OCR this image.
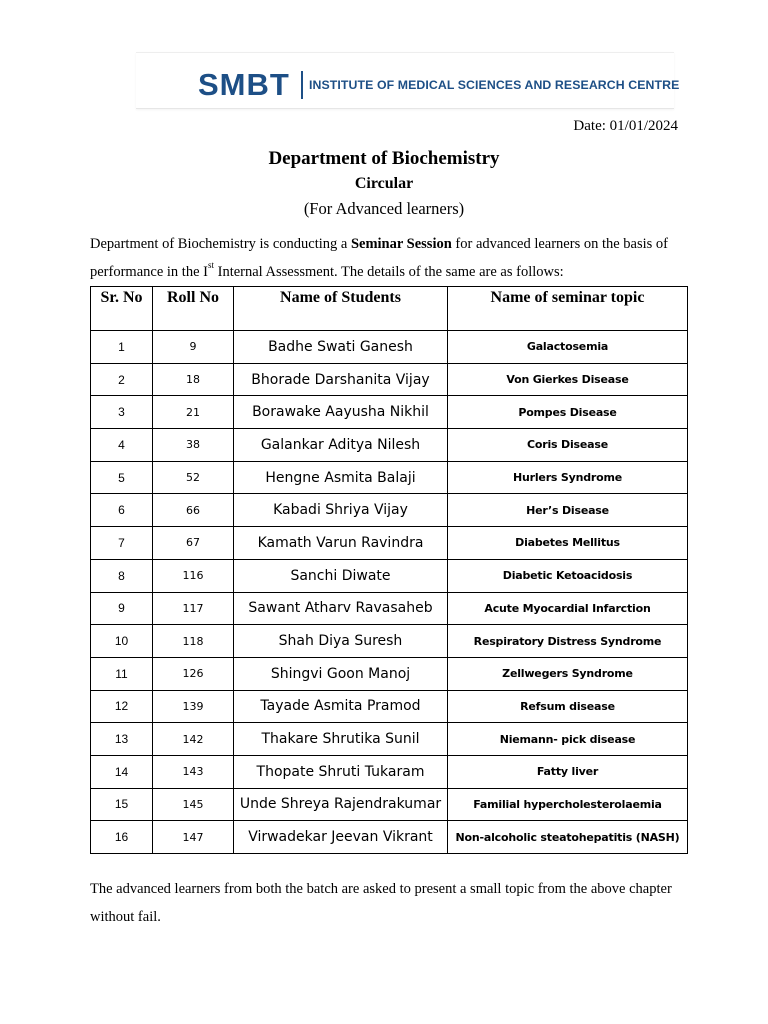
SMBT INSTITUTE OF MEDICAL SCIENCES AND RESEARCH CENTRE
Date: 01/01/2024
Department of Biochemistry
Circular
(For Advanced learners)
Department of Biochemistry is conducting a Seminar Session for advanced learners on the basis of performance in the Ist Internal Assessment. The details of the same are as follows:
Sr. No	Roll No	Name of Students	Name of seminar topic
1	9	Badhe Swati Ganesh	Galactosemia
2	18	Bhorade Darshanita Vijay	Von Gierkes Disease
3	21	Borawake Aayusha Nikhil	Pompes Disease
4	38	Galankar Aditya Nilesh	Coris Disease
5	52	Hengne Asmita Balaji	Hurlers Syndrome
6	66	Kabadi Shriya Vijay	Her’s Disease
7	67	Kamath Varun Ravindra	Diabetes Mellitus
8	116	Sanchi Diwate	Diabetic Ketoacidosis
9	117	Sawant Atharv Ravasaheb	Acute Myocardial Infarction
10	118	Shah Diya Suresh	Respiratory Distress Syndrome
11	126	Shingvi Goon Manoj	Zellwegers Syndrome
12	139	Tayade Asmita Pramod	Refsum disease
13	142	Thakare Shrutika Sunil	Niemann- pick disease
14	143	Thopate Shruti Tukaram	Fatty liver
15	145	Unde Shreya Rajendrakumar	Familial hypercholesterolaemia
16	147	Virwadekar Jeevan Vikrant	Non-alcoholic steatohepatitis (NASH)
The advanced learners from both the batch are asked to present a small topic from the above chapter without fail.
